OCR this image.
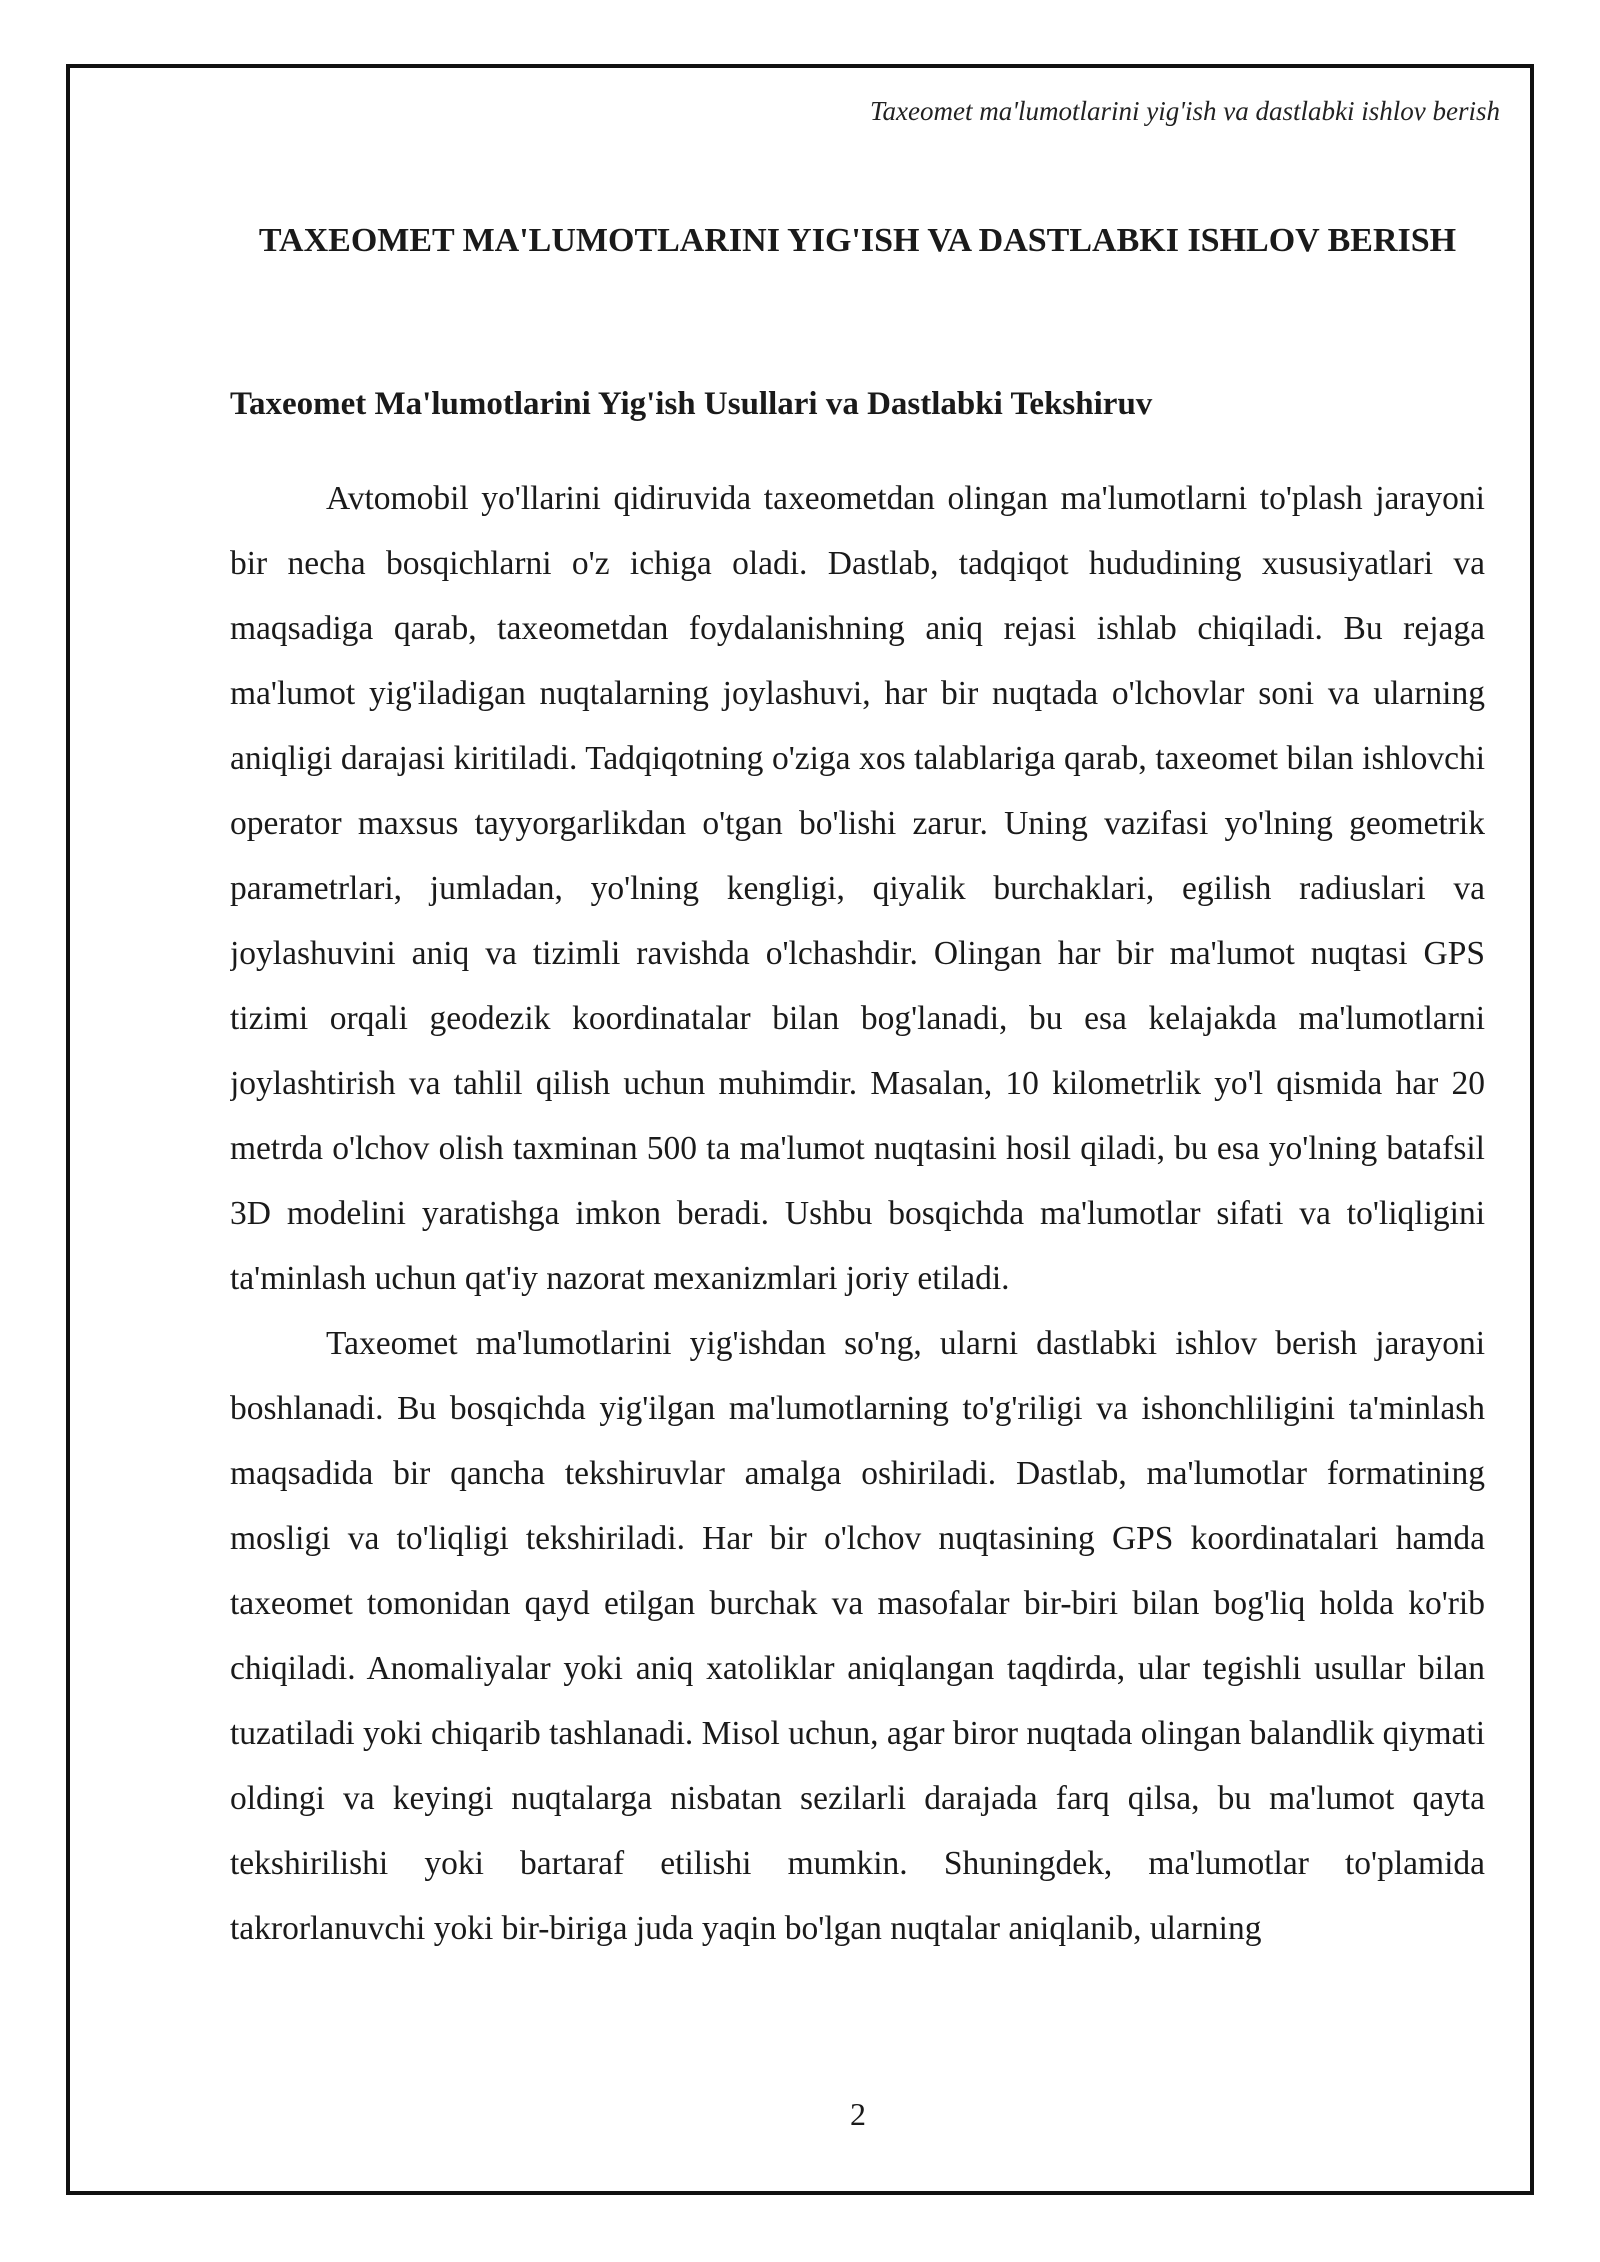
Taxeomet ma'lumotlarini yig'ish va dastlabki ishlov berish
TAXEOMET MA'LUMOTLARINI YIG'ISH VA DASTLABKI ISHLOV BERISH
Taxeomet Ma'lumotlarini Yig'ish Usullari va Dastlabki Tekshiruv

Avtomobil yo'llarini qidiruvida taxeometdan olingan ma'lumotlarni to'plash jarayoni bir necha bosqichlarni o'z ichiga oladi. Dastlab, tadqiqot hududining xususiyatlari va maqsadiga qarab, taxeometdan foydalanishning aniq rejasi ishlab chiqiladi. Bu rejaga ma'lumot yig'iladigan nuqtalarning joylashuvi, har bir nuqtada o'lchovlar soni va ularning aniqligi darajasi kiritiladi. Tadqiqotning o'ziga xos talablariga qarab, taxeomet bilan ishlovchi operator maxsus tayyorgarlikdan o'tgan bo'lishi zarur. Uning vazifasi yo'lning geometrik parametrlari, jumladan, yo'lning kengligi, qiyalik burchaklari, egilish radiuslari va joylashuvini aniq va tizimli ravishda o'lchashdir. Olingan har bir ma'lumot nuqtasi GPS tizimi orqali geodezik koordinatalar bilan bog'lanadi, bu esa kelajakda ma'lumotlarni joylashtirish va tahlil qilish uchun muhimdir. Masalan, 10 kilometrlik yo'l qismida har 20 metrda o'lchov olish taxminan 500 ta ma'lumot nuqtasini hosil qiladi, bu esa yo'lning batafsil 3D modelini yaratishga imkon beradi. Ushbu bosqichda ma'lumotlar sifati va to'liqligini ta'minlash uchun qat'iy nazorat mexanizmlari joriy etiladi.

Taxeomet ma'lumotlarini yig'ishdan so'ng, ularni dastlabki ishlov berish jarayoni boshlanadi. Bu bosqichda yig'ilgan ma'lumotlarning to'g'riligi va ishonchliligini ta'minlash maqsadida bir qancha tekshiruvlar amalga oshiriladi. Dastlab, ma'lumotlar formatining mosligi va to'liqligi tekshiriladi. Har bir o'lchov nuqtasining GPS koordinatalari hamda taxeomet tomonidan qayd etilgan burchak va masofalar bir-biri bilan bog'liq holda ko'rib chiqiladi. Anomaliyalar yoki aniq xatoliklar aniqlangan taqdirda, ular tegishli usullar bilan tuzatiladi yoki chiqarib tashlanadi. Misol uchun, agar biror nuqtada olingan balandlik qiymati oldingi va keyingi nuqtalarga nisbatan sezilarli darajada farq qilsa, bu ma'lumot qayta tekshirilishi yoki bartaraf etilishi mumkin. Shuningdek, ma'lumotlar to'plamida takrorlanuvchi yoki bir-biriga juda yaqin bo'lgan nuqtalar aniqlanib, ularning

2
